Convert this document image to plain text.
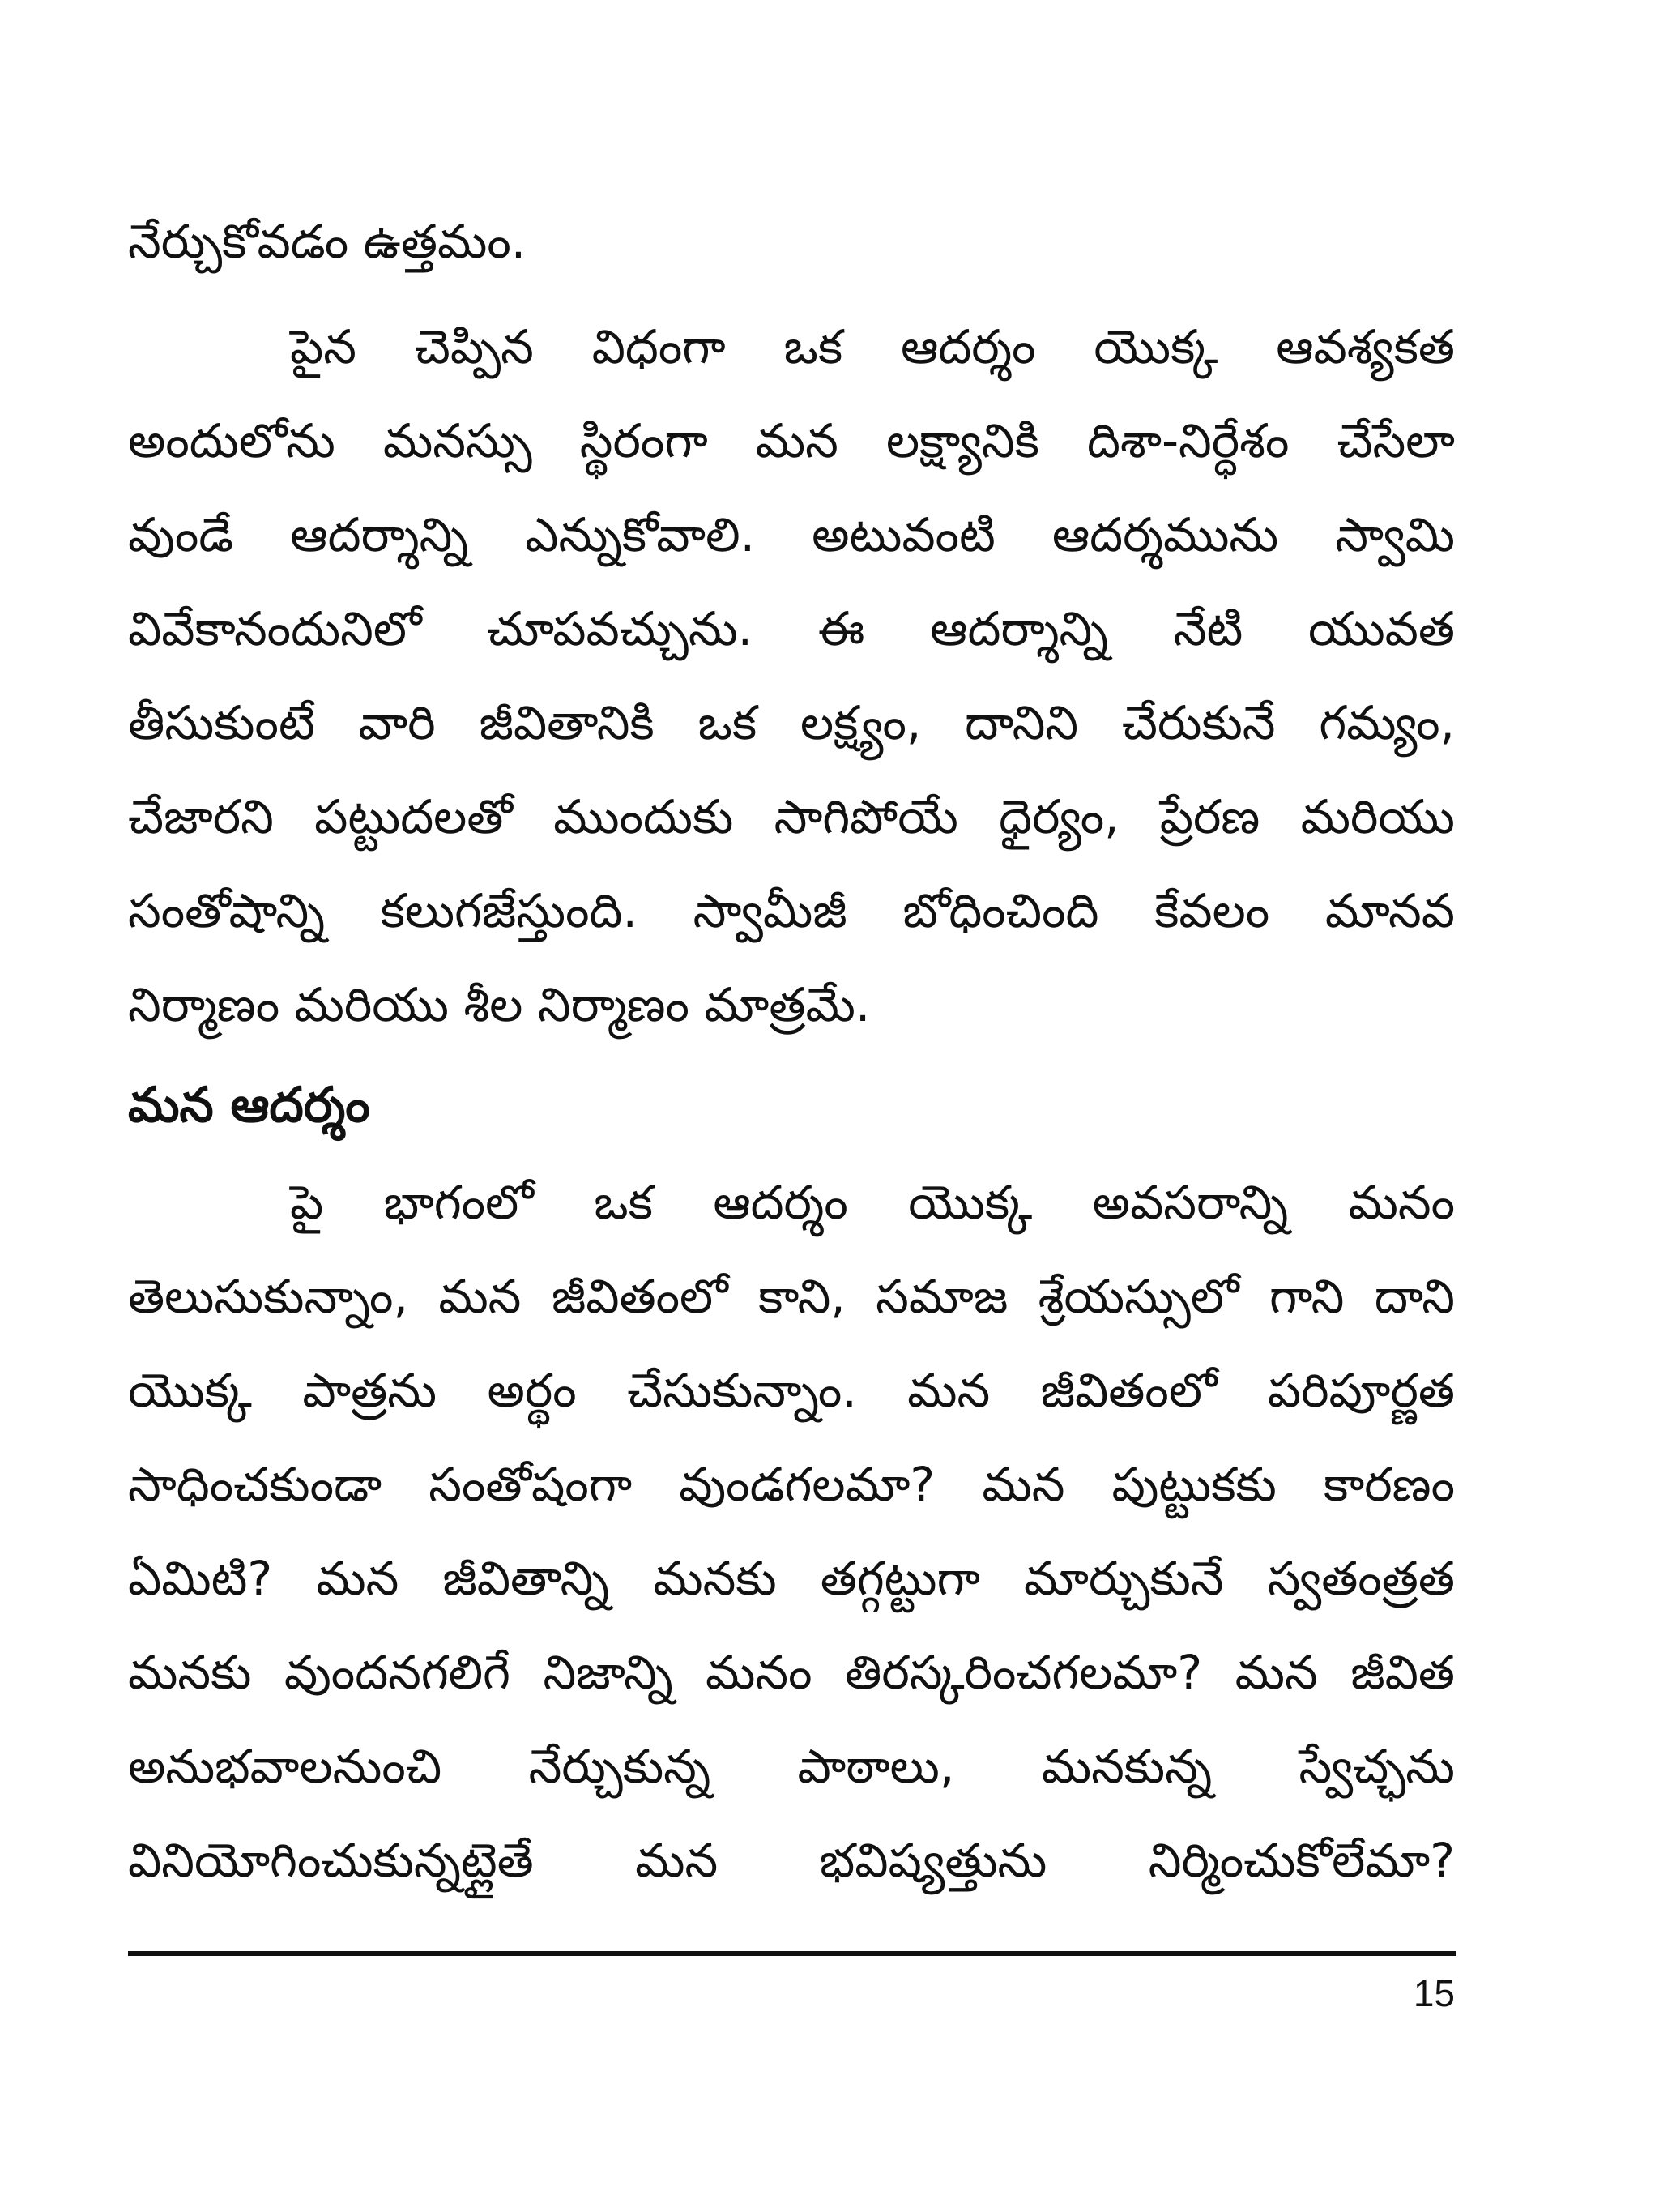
నేర్చుకోవడం ఉత్తమం.
పైన చెప్పిన విధంగా ఒక ఆదర్శం యొక్క ఆవశ్యకత
అందులోను మనస్సు స్థిరంగా మన లక్ష్యానికి దిశా-నిర్ధేశం చేసేలా
వుండే ఆదర్శాన్ని ఎన్నుకోవాలి. అటువంటి ఆదర్శమును స్వామి
వివేకానందునిలో చూపవచ్చును. ఈ ఆదర్శాన్ని నేటి యువత
తీసుకుంటే వారి జీవితానికి ఒక లక్ష్యం, దానిని చేరుకునే గమ్యం,
చేజారని పట్టుదలతో ముందుకు సాగిపోయే ధైర్యం, ప్రేరణ మరియు
సంతోషాన్ని కలుగజేస్తుంది. స్వామీజీ బోధించింది కేవలం మానవ
నిర్మాణం మరియు శీల నిర్మాణం మాత్రమే.
మన ఆదర్శం
పై భాగంలో ఒక ఆదర్శం యొక్క అవసరాన్ని మనం
తెలుసుకున్నాం, మన జీవితంలో కాని, సమాజ శ్రేయస్సులో గాని దాని
యొక్క పాత్రను అర్థం చేసుకున్నాం. మన జీవితంలో పరిపూర్ణత
సాధించకుండా సంతోషంగా వుండగలమా? మన పుట్టుకకు కారణం
ఏమిటి? మన జీవితాన్ని మనకు తగ్గట్టుగా మార్చుకునే స్వతంత్రత
మనకు వుందనగలిగే నిజాన్ని మనం తిరస్కరించగలమా? మన జీవిత
అనుభవాలనుంచి నేర్చుకున్న పాఠాలు, మనకున్న స్వేచ్ఛను
వినియోగించుకున్నట్లైతే మన భవిష్యత్తును నిర్మించుకోలేమా?
15
